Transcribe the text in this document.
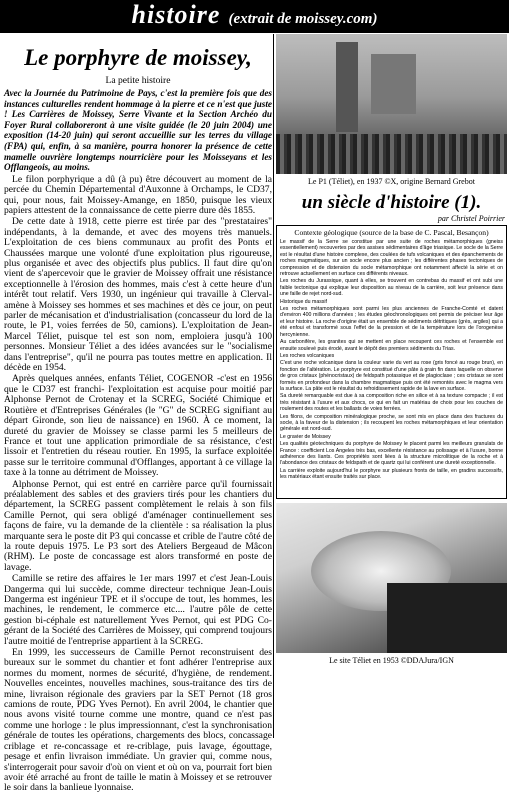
histoire (extrait de moissey.com)
Le porphyre de moissey,
La petite histoire
Avec la Journée du Patrimoine de Pays, c'est la première fois que des instances culturelles rendent hommage à la pierre et ce n'est que juste ! Les Carrières de Moissey, Serre Vivante et la Section Archéo du Foyer Rural collaboreront à une visite guidée (le 20 juin 2004) une exposition (14-20 juin) qui seront accueillie sur les terres du village (FPA) qui, enfin, à sa manière, pourra honorer la présence de cette mamelle ouvrière longtemps nourricière pour les Moisseyans et les Offlangeois, au moins.

Le filon porphyrique a dû (à pu) être découvert au moment de la percée du Chemin Départemental d'Auxonne à Orchamps, le CD37, qui, pour nous, fait Moissey-Amange, en 1850, puisque les vieux papiers attestent de la connaissance de cette pierre dure dès 1855.

De cette date à 1918, cette pierre est tirée par des "prestataires" indépendants, à la demande, et avec des moyens très manuels. L'exploitation de ces biens communaux au profit des Ponts et Chaussées marque une volonté d'une exploitation plus rigoureuse, plus organisée et avec des objectifs plus publics. Il faut dire qu'on vient de s'apercevoir que le gravier de Moissey offrait une résistance exceptionnelle à l'érosion des hommes, mais c'est à cette heure d'un intérêt tout relatif. Vers 1930, un ingénieur qui travaille à Clerval-amène à Moissey ses hommes et ses machines et dès ce jour, on peut parler de mécanisation et d'industrialisation (concasseur du lord de la route, le P1, voies ferrées de 50, camions). L'exploitation de Jean-Marcel Téliet, puisque tel est son nom, emploiera jusqu'à 100 personnes. Monsieur Téliet a des idées avancées sur le "socialisme dans l'entreprise", qu'il ne pourra pas toutes mettre en application. Il décède en 1954.

Après quelques années, enfants Téliet, COGENOR -c'est en 1956 que le CD37 est franchi- l'exploitation est acquise pour moitié par Alphonse Pernot de Crotenay et la SCREG, Société Chimique et Routière et d'Entreprises Générales (le "G" de SCREG signifiant au départ Gironde, son lieu de naissance) en 1960. À ce moment, la dureté du gravier de Moissey se classe parmi les 5 meilleurs de France et tout une application primordiale de sa résistance, c'est lissoir et l'entretien du réseau routier. En 1995, la surface exploitée passe sur le territoire communal d'Offlanges, apportant à ce village la taxe à la tonne au détriment de Moissey.

Alphonse Pernot, qui est entré en carrière parce qu'il fournissait préalablement des sables et des graviers tirés pour les chantiers du département, la SCREG passent complètement le relais à son fils Camille Pernot, qui sera obligé d'aménager continuellement ses façons de faire, vu la demande de la clientèle : sa réalisation la plus marquante sera le poste dit P3 qui concasse et crible de l'autre côté de la route depuis 1975. Le P3 sort des Ateliers Bergeaud de Mâcon (RHM). Le poste de concassage est alors transformé en poste de lavage.

Camille se retire des affaires le 1er mars 1997 et c'est Jean-Louis Dangerma qui lui succède, comme directeur technique Jean-Louis Dangerma est ingénieur TPE et il s'occupe de tout, les hommes, les machines, le rendement, le commerce etc.... l'autre pôle de cette gestion bi-céphale est naturellement Yves Pernot, qui est PDG Co-gérant de la Société des Carrières de Moissey, qui comprend toujours l'autre moitié de l'entreprise appartient à la SCREG.

En 1999, les successeurs de Camille Pernot reconstruisent des bureaux sur le sommet du chantier et font adhérer l'entreprise aux normes du moment, normes de sécurité, d'hygiène, de rendement. Nouvelles enceintes, nouvelles machines, sous-traitance des tirs de mine, livraison régionale des graviers par la SET Pernot (18 gros camions de route, PDG Yves Pernot). En avril 2004, le chantier que nous avons visité tourne comme une montre, quand ce n'est pas comme une horloge : le plus impressionnant, c'est la synchronisation générale de toutes les opérations, chargements des blocs, concassage criblage et re-concassage et re-criblage, puis lavage, égouttage, pesage et enfin livraison immédiate. Un gravier qui, comme nous, s'interrogerait pour savoir d'où on vient et où on va, pourrait fort bien avoir été arraché au front de taille le matin à Moissey et se retrouver le soir dans la banlieue lyonnaise.

Le P1 (Téliet), en 1937 ©X, origine Bernard Grebot
un siècle d'histoire (1).
par Christel Poirrier
Contexte géologique (source de la base de C. Pascal, Besançon)

Le massif de la Serre se constitue par une suite de roches métamorphiques (gneiss essentiellement) recouvertes par des assises sédimentaires d'âge triasique. Le socle de la Serre est le résultat d'une histoire complexe, des coulées de tufs volcaniques et des épanchements de roches magmatiques, sur un socle encore plus ancien ; les différentes phases tectoniques de compression et de distension du socle métamorphique ont notamment affecté la série et on retrouve actuellement en surface ces différents niveaux.

Les roches du Jurassique, quant à elles, se trouvent en contrebas du massif et ont subi une faible tectonique qui explique leur disposition au niveau de la carrière, soit leur présence dans une faille de rejet nord-sud.

Historique du massif

Les roches métamorphiques sont parmi les plus anciennes de Franche-Comté et datent d'environ 400 millions d'années ; les études géochronologiques ont permis de préciser leur âge et leur histoire. La roche d'origine était un ensemble de sédiments détritiques (grès, argiles) qui a été enfoui et transformé sous l'effet de la pression et de la température lors de l'orogenèse hercynienne.

Au carbonifère, les granites qui se mettent en place recoupent ces roches et l'ensemble est ensuite soulevé puis érodé, avant le dépôt des premiers sédiments du Trias.

Les roches volcaniques

C'est une roche volcanique dans la couleur varie du vert au rose (gris foncé au rouge brun), en fonction de l'altération. Le porphyre est constitué d'une pâte à grain fin dans laquelle on observe de gros cristaux (phénocristaux) de feldspath potassique et de plagioclase ; ces cristaux se sont formés en profondeur dans la chambre magmatique puis ont été remontés avec le magma vers la surface. La pâte est le résultat du refroidissement rapide de la lave en surface.

Sa dureté remarquable est due à sa composition riche en silice et à sa texture compacte ; il est très résistant à l'usure et aux chocs, ce qui en fait un matériau de choix pour les couches de roulement des routes et les ballasts de voies ferrées.

Les filons, de composition minéralogique proche, se sont mis en place dans des fractures du socle, à la faveur de la distension ; ils recoupent les roches métamorphiques et leur orientation générale est nord-sud.

Le gravier de Moissey

Les qualités géotechniques du porphyre de Moissey le placent parmi les meilleurs granulats de France : coefficient Los Angeles très bas, excellente résistance au polissage et à l'usure, bonne adhérence des liants. Ces propriétés sont liées à la structure microlitique de la roche et à l'abondance des cristaux de feldspath et de quartz qui lui confèrent une dureté exceptionnelle.

La carrière exploite aujourd'hui le porphyre sur plusieurs fronts de taille, en gradins successifs, les matériaux étant ensuite traités sur place.

Le site Téliet en 1953 ©DDAJura/IGN
